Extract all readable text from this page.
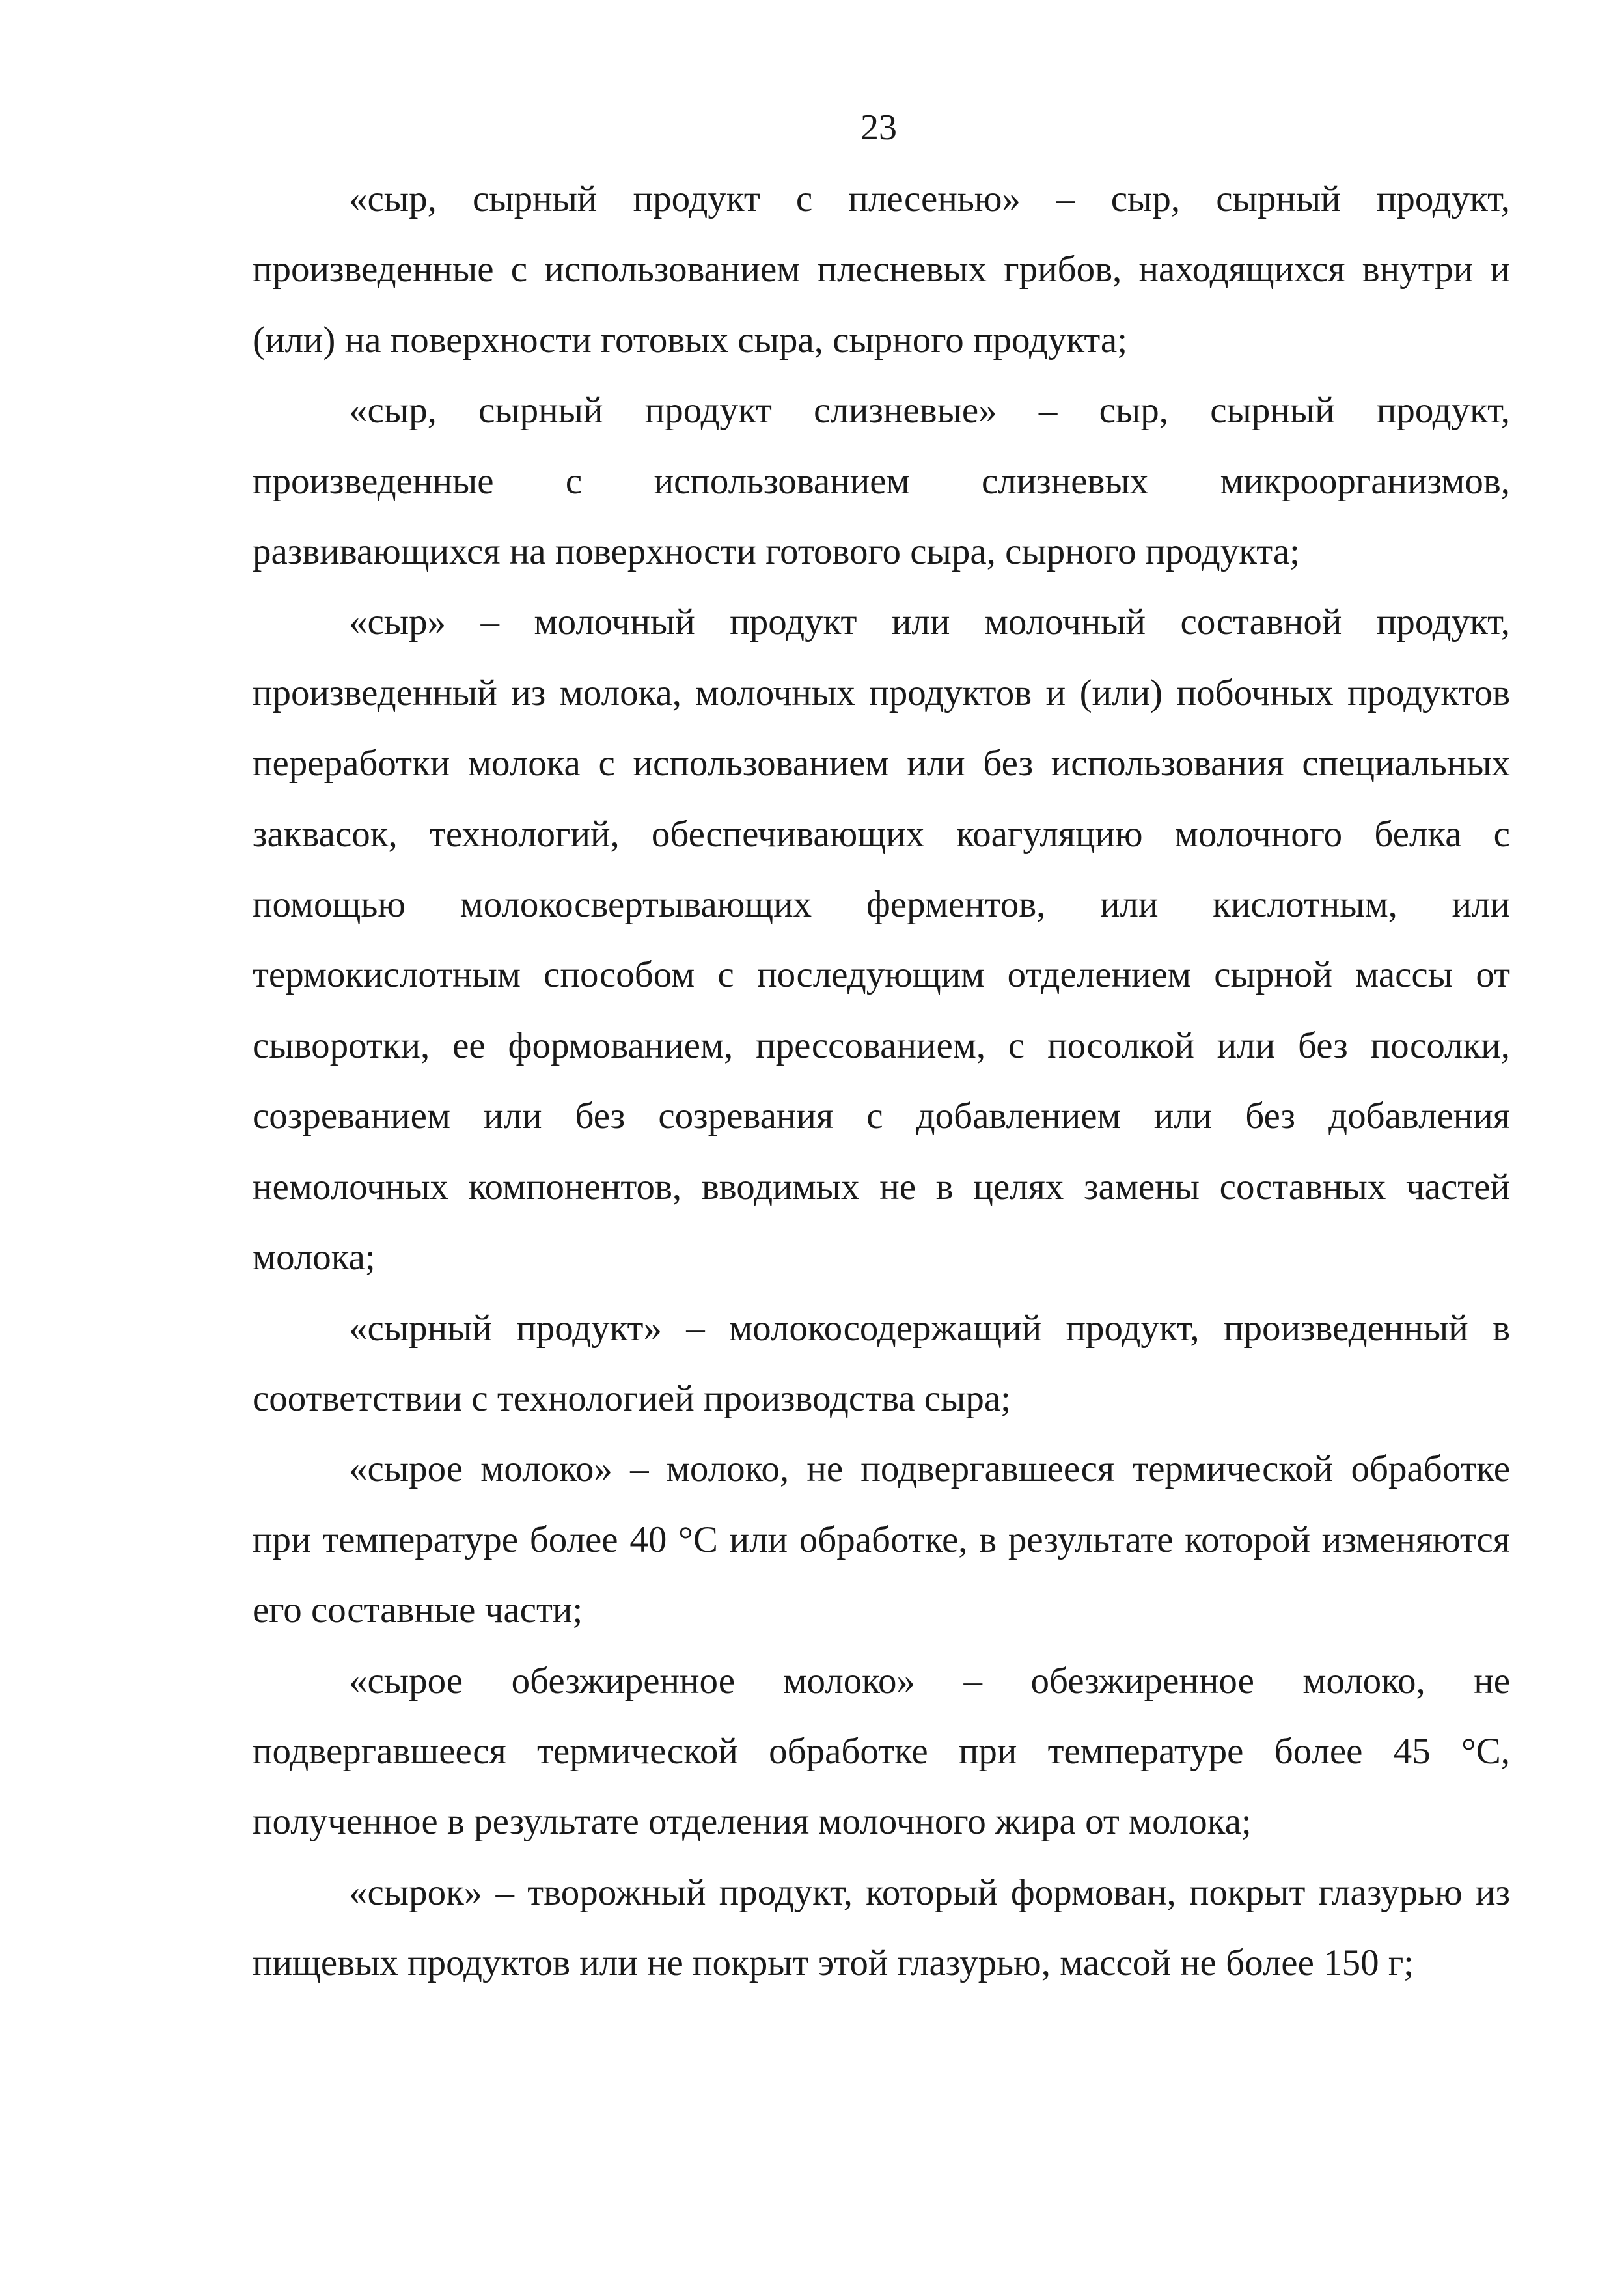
23

«сыр, сырный продукт с плесенью» – сыр, сырный продукт, произведенные с использованием плесневых грибов, находящихся внутри и (или) на поверхности готовых сыра, сырного продукта;

«сыр, сырный продукт слизневые» – сыр, сырный продукт, произведенные с использованием слизневых микроорганизмов, развивающихся на поверхности готового сыра, сырного продукта;

«сыр» – молочный продукт или молочный составной продукт, произведенный из молока, молочных продуктов и (или) побочных продуктов переработки молока с использованием или без использования специальных заквасок, технологий, обеспечивающих коагуляцию молочного белка с помощью молокосвертывающих ферментов, или кислотным, или термокислотным способом с последующим отделением сырной массы от сыворотки, ее формованием, прессованием, с посолкой или без посолки, созреванием или без созревания с добавлением или без добавления немолочных компонентов, вводимых не в целях замены составных частей молока;

«сырный продукт» – молокосодержащий продукт, произведенный в соответствии с технологией производства сыра;

«сырое молоко» – молоко, не подвергавшееся термической обработке при температуре более 40 °С или обработке, в результате которой изменяются его составные части;

«сырое обезжиренное молоко» – обезжиренное молоко, не подвергавшееся термической обработке при температуре более 45 °С, полученное в результате отделения молочного жира от молока;

«сырок» – творожный продукт, который формован, покрыт глазурью из пищевых продуктов или не покрыт этой глазурью, массой не более 150 г;
